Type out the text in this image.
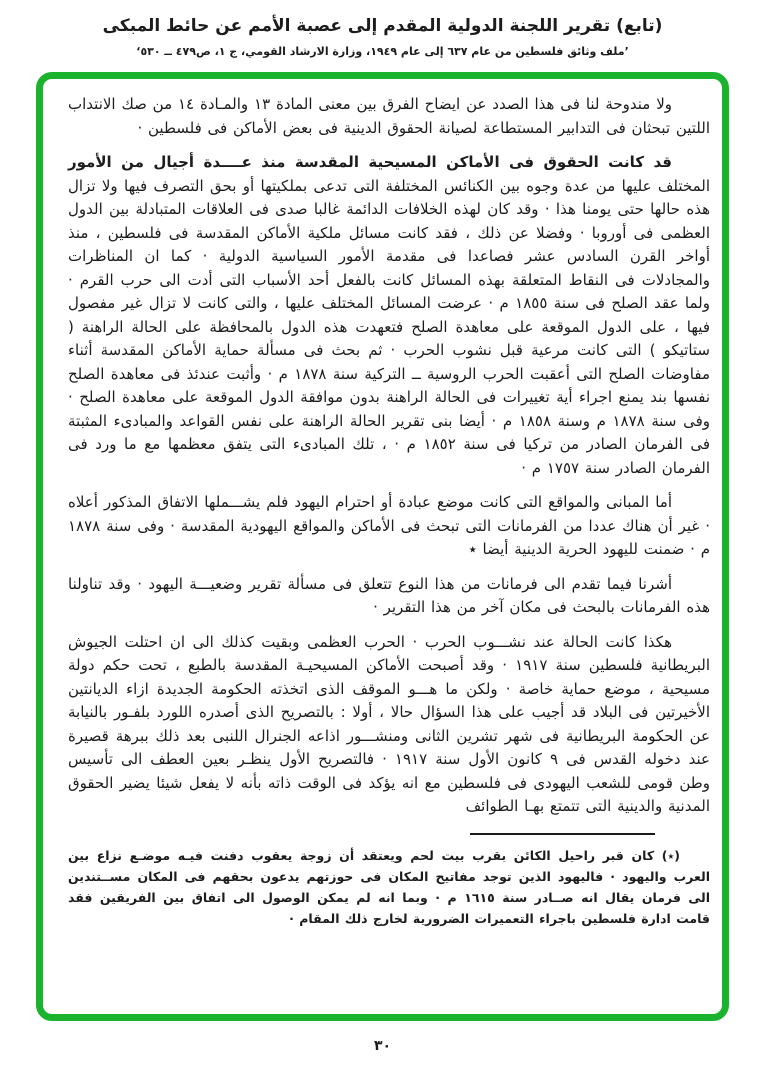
(تابع) تقرير اللجنة الدولية المقدم إلى عصبة الأمم عن حائط المبكى
’ملف وثائق فلسطين من عام ٦٣٧ إلى عام ١٩٤٩، وزارة الارشاد القومي، ج ١، ص٤٧٩ ــ ٥٣٠‘

ولا مندوحة لنا فى هذا الصدد عن ايضاح الفرق بين معنى المادة ١٣ والمـادة ١٤ من صك الانتداب اللتين تبحثان فى التدابير المستطاعة لصيانة الحقوق الدينية فى بعض الأماكن فى فلسطين ·

قد كانت الحقوق فى الأماكن المسيحية المقدسة منذ عــــدة أجيال من الأمور المختلف عليها من عدة وجوه بين الكنائس المختلفة التى تدعى بملكيتها أو بحق التصرف فيها ولا تزال هذه حالها حتى يومنا هذا · وقد كان لهذه الخلافات الدائمة غالبا صدى فى العلاقات المتبادلة بين الدول العظمى فى أوروبا · وفضلا عن ذلك ، فقد كانت مسائل ملكية الأماكن المقدسة فى فلسطين ، منذ أواخر القرن السادس عشر فصاعدا فى مقدمة الأمور السياسية الدولية · كما ان المناظرات والمجادلات فى النقاط المتعلقة بهذه المسائل كانت بالفعل أحد الأسباب التى أدت الى حرب القرم · ولما عقد الصلح فى سنة ١٨٥٥ م · عرضت المسائل المختلف عليها ، والتى كانت لا تزال غير مفصول فيها ، على الدول الموقعة على معاهدة الصلح فتعهدت هذه الدول بالمحافظة على الحالة الراهنة ( ستاتيكو ) التى كانت مرعية قبل نشوب الحرب · ثم بحث فى مسألة حماية الأماكن المقدسة أثناء مفاوضات الصلح التى أعقبت الحرب الروسية ــ التركية سنة ١٨٧٨ م · وأثبت عندئذ فى معاهدة الصلح نفسها بند يمنع اجراء أية تغييرات فى الحالة الراهنة بدون موافقة الدول الموقعة على معاهدة الصلح · وفى سنة ١٨٧٨ م وسنة ١٨٥٨ م · أيضا بنى تقرير الحالة الراهنة على نفس القواعد والمبادىء المثبتة فى الفرمان الصادر من تركيا فى سنة ١٨٥٢ م · ، تلك المبادىء التى يتفق معظمها مع ما ورد فى الفرمان الصادر سنة ١٧٥٧ م ·

أما المبانى والمواقع التى كانت موضع عبادة أو احترام اليهود فلم يشـــملها الاتفاق المذكور أعلاه · غير أن هناك عددا من الفرمانات التى تبحث فى الأماكن والمواقع اليهودية المقدسة · وفى سنة ١٨٧٨ م · ضمنت لليهود الحرية الدينية أيضا ٭

أشرنا فيما تقدم الى فرمانات من هذا النوع تتعلق فى مسألة تقرير وضعيـــة اليهود · وقد تناولنا هذه الفرمانات بالبحث فى مكان آخر من هذا التقرير ·

هكذا كانت الحالة عند نشـــوب الحرب · الحرب العظمى وبقيت كذلك الى ان احتلت الجيوش البريطانية فلسطين سنة ١٩١٧ · وقد أصبحت الأماكن المسيحيـة المقدسة بالطبع ، تحت حكم دولة مسيحية ، موضع حماية خاصة · ولكن ما هـــو الموقف الذى اتخذته الحكومة الجديدة ازاء الديانتين الأخيرتين فى البلاد قد أجيب على هذا السؤال حالا ، أولا : بالتصريح الذى أصدره اللورد بلفـور بالنيابة عن الحكومة البريطانية فى شهر تشرين الثانى ومنشـــور اذاعه الجنرال اللنبى بعد ذلك ببرهة قصيرة عند دخوله القدس فى ٩ كانون الأول سنة ١٩١٧ · فالتصريح الأول ينظـر بعين العطف الى تأسيس وطن قومى للشعب اليهودى فى فلسطين مع انه يؤكد فى الوقت ذاته بأنه لا يفعل شيئا يضير الحقوق المدنية والدينية التى تتمتع بهـا الطوائف

(٭) كان قبر راحيل الكائن بقرب بيت لحم ويعتقد أن زوجة يعقوب دفنت فيـه موضـع نزاع بين العرب واليهود · فاليهود الذين توجد مفاتيح المكان فى حوزتهم يدعون بحقهم فى المكان مســتندين الى فرمان يقال انه صــادر سنة ١٦١٥ م · وبما انه لم يمكن الوصول الى اتفاق بين الفريقين فقد قامت ادارة فلسطين باجراء التعميرات الضرورية لخارج ذلك المقام ·

٣٠
